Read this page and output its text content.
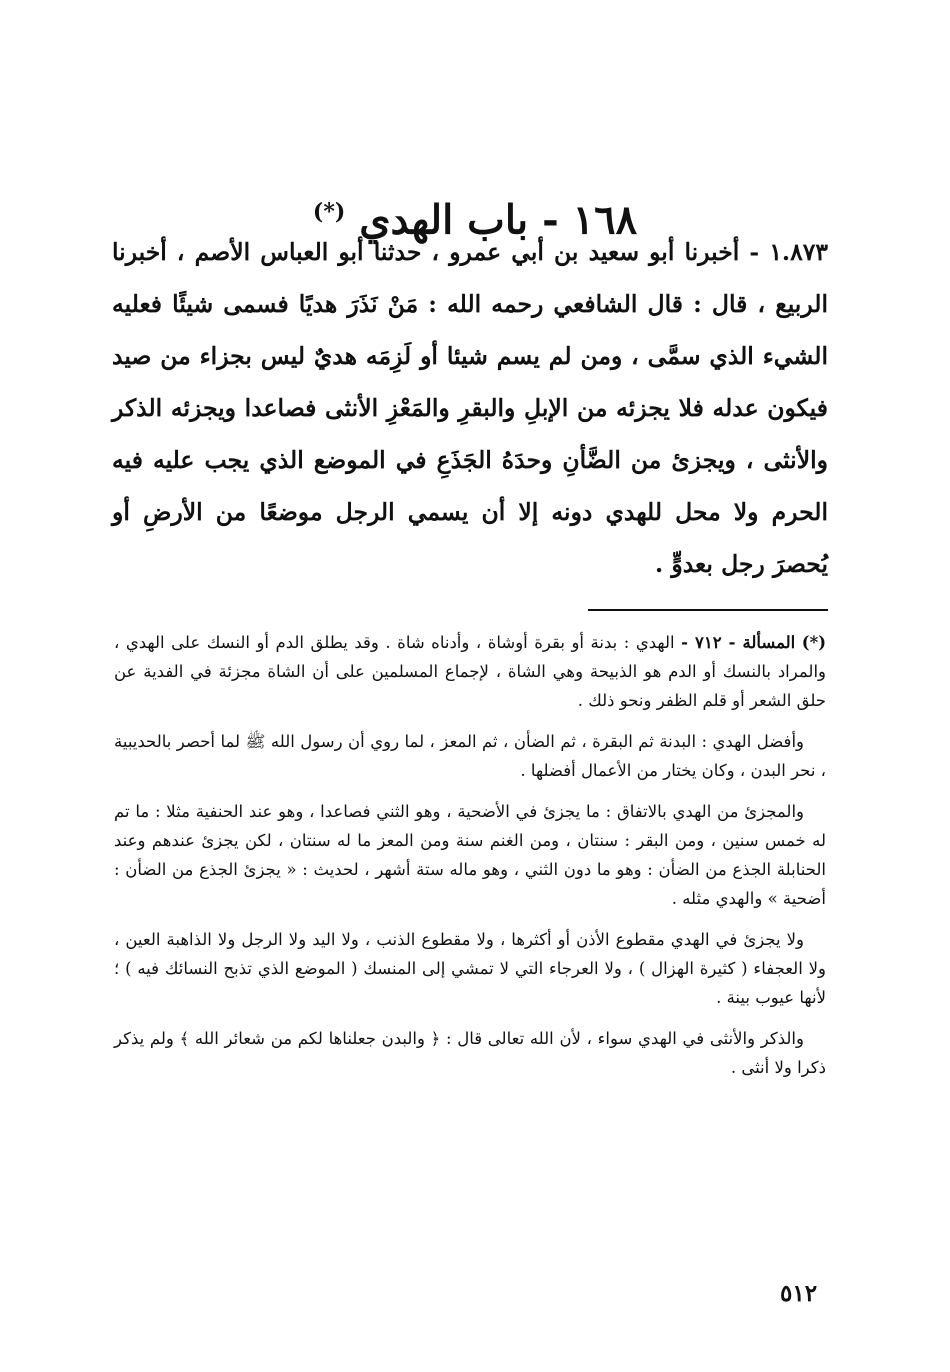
١٦٨ - باب الهدي (*)

١.٨٧٣ - أخبرنا أبو سعيد بن أبي عمرو ، حدثنا أبو العباس الأصم ، أخبرنا الربيع ، قال : قال الشافعي رحمه الله : مَنْ نَذَرَ هديًا فسمى شيئًا فعليه الشيء الذي سمَّى ، ومن لم يسم شيئا أو لَزِمَه هديٌ ليس بجزاء من صيد فيكون عدله فلا يجزئه من الإبلِ والبقرِ والمَعْزِ الأنثى فصاعدا ويجزئه الذكر والأنثى ، ويجزئ من الضَّأنِ وحدَهُ الجَذَعِ في الموضع الذي يجب عليه فيه الحرم ولا محل للهدي دونه إلا أن يسمي الرجل موضعًا من الأرضِ أو يُحصرَ رجل بعدوٍّ .

(*) المسألة - ٧١٢ - الهدي : بدنة أو بقرة أوشاة ، وأدناه شاة . وقد يطلق الدم أو النسك على الهدي ، والمراد بالنسك أو الدم هو الذبيحة وهي الشاة ، لإجماع المسلمين على أن الشاة مجزئة في الفدية عن حلق الشعر أو قلم الظفر ونحو ذلك .

وأفضل الهدي : البدنة ثم البقرة ، ثم الضأن ، ثم المعز ، لما روي أن رسول الله ﷺ لما أحصر بالحديبية ، نحر البدن ، وكان يختار من الأعمال أفضلها .

والمجزئ من الهدي بالاتفاق : ما يجزئ في الأضحية ، وهو الثني فصاعدا ، وهو عند الحنفية مثلا : ما تم له خمس سنين ، ومن البقر : سنتان ، ومن الغنم سنة ومن المعز ما له سنتان ، لكن يجزئ عندهم وعند الحنابلة الجذع من الضأن : وهو ما دون الثني ، وهو ماله ستة أشهر ، لحديث : « يجزئ الجذع من الضأن : أضحية » والهدي مثله .

ولا يجزئ في الهدي مقطوع الأذن أو أكثرها ، ولا مقطوع الذنب ، ولا اليد ولا الرجل ولا الذاهبة العين ، ولا العجفاء ( كثيرة الهزال ) ، ولا العرجاء التي لا تمشي إلى المنسك ( الموضع الذي تذبح النسائك فيه ) ؛ لأنها عيوب بينة .

والذكر والأنثى في الهدي سواء ، لأن الله تعالى قال : ﴿ والبدن جعلناها لكم من شعائر الله ﴾ ولم يذكر ذكرا ولا أنثى .

٥١٢
